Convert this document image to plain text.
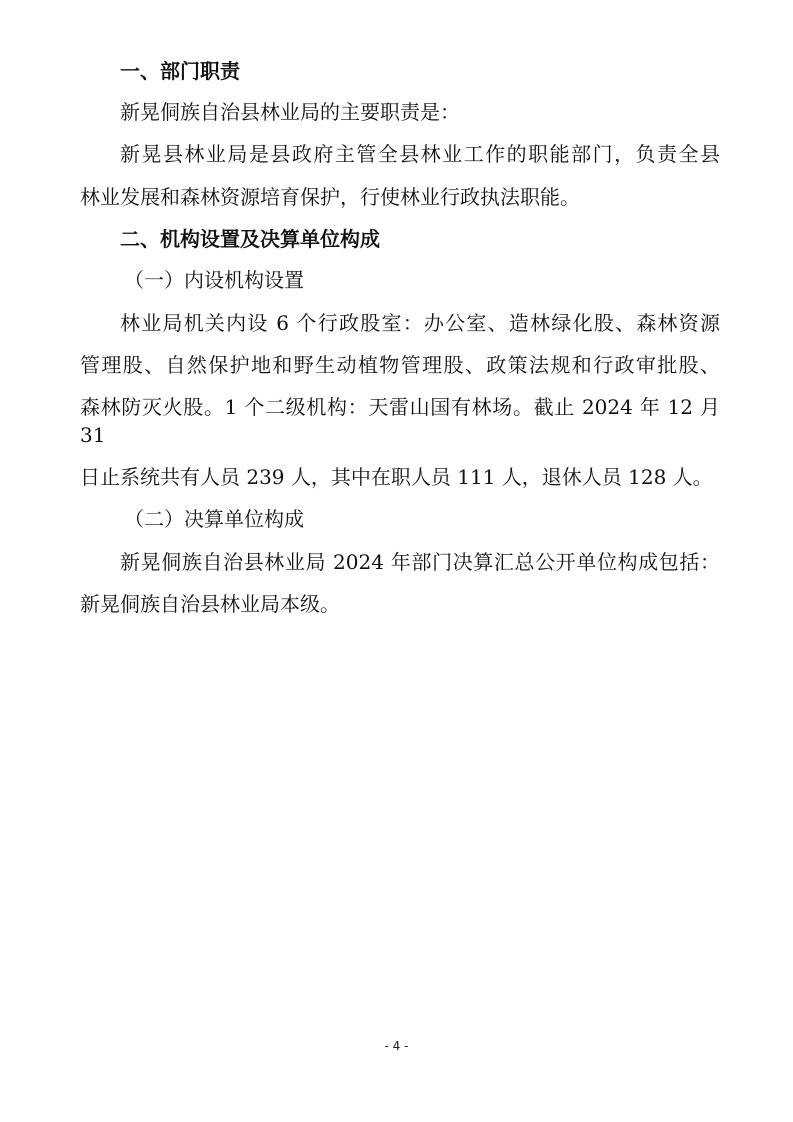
一、部门职责

新晃侗族自治县林业局的主要职责是：

新晃县林业局是县政府主管全县林业工作的职能部门，负责全县

林业发展和森林资源培育保护，行使林业行政执法职能。

二、机构设置及决算单位构成

（一）内设机构设置

林业局机关内设 6 个行政股室：办公室、造林绿化股、森林资源

管理股、自然保护地和野生动植物管理股、政策法规和行政审批股、

森林防灭火股。1 个二级机构：天雷山国有林场。截止 2024 年 12 月 31

日止系统共有人员 239 人，其中在职人员 111 人，退休人员 128 人。

（二）决算单位构成

新晃侗族自治县林业局 2024 年部门决算汇总公开单位构成包括：

新晃侗族自治县林业局本级。

- 4 -
